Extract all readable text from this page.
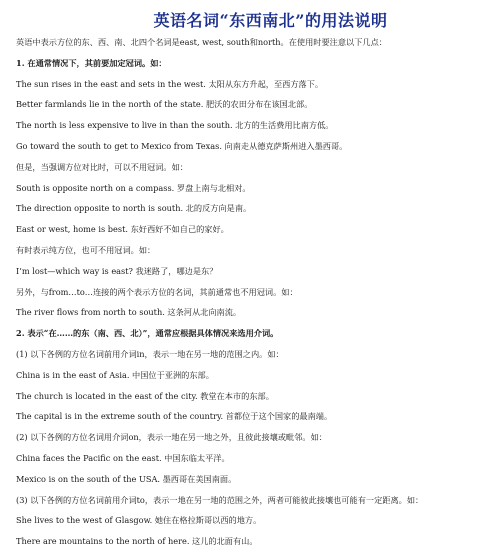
英语名词“东西南北”的用法说明
英语中表示方位的东、西、南、北四个名词是east, west, south和north。在使用时要注意以下几点：
1. 在通常情况下，其前要加定冠词。如：
The sun rises in the east and sets in the west. 太阳从东方升起，至西方落下。
Better farmlands lie in the north of the state. 肥沃的农田分布在该国北部。
The north is less expensive to live in than the south. 北方的生活费用比南方低。
Go toward the south to get to Mexico from Texas. 向南走从德克萨斯州进入墨西哥。
但是，当强调方位对比时，可以不用冠词。如：
South is opposite north on a compass. 罗盘上南与北相对。
The direction opposite to north is south. 北的反方向是南。
East or west, home is best. 东好西好不如自己的家好。
有时表示纯方位，也可不用冠词。如：
I’m lost—which way is east? 我迷路了，哪边是东？
另外，与from…to…连接的两个表示方位的名词，其前通常也不用冠词。如：
The river flows from north to south. 这条河从北向南流。
2. 表示“在……的东（南、西、北）”，通常应根据具体情况来选用介词。
(1) 以下各例的方位名词前用介词in，表示一地在另一地的范围之内。如：
China is in the east of Asia. 中国位于亚洲的东部。
The church is located in the east of the city. 教堂在本市的东部。
The capital is in the extreme south of the country. 首都位于这个国家的最南端。
(2) 以下各例的方位名词用介词on，表示一地在另一地之外，且彼此接壤或毗邻。如：
China faces the Pacific on the east. 中国东临太平洋。
Mexico is on the south of the USA. 墨西哥在美国南面。
(3) 以下各例的方位名词前用介词to，表示一地在另一地的范围之外，两者可能彼此接壤也可能有一定距离。如：
She lives to the west of Glasgow. 她住在格拉斯哥以西的地方。
There are mountains to the north of here. 这儿的北面有山。
